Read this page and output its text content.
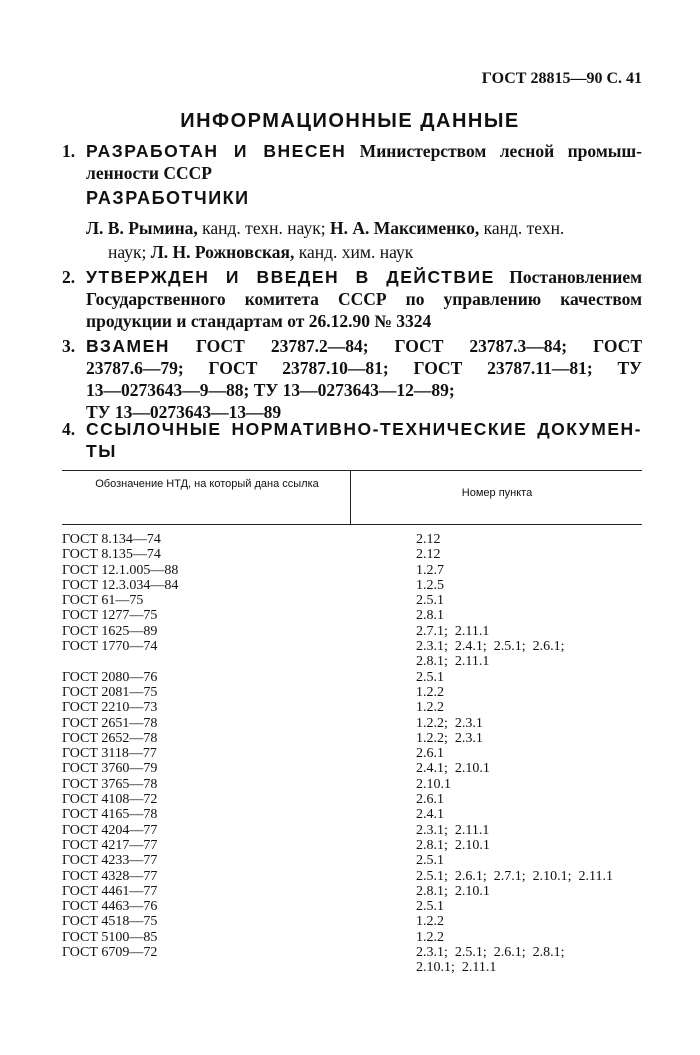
ГОСТ 28815—90 С. 41
ИНФОРМАЦИОННЫЕ ДАННЫЕ
1. РАЗРАБОТАН И ВНЕСЕН Министерством лесной промыш-
ленности СССР
РАЗРАБОТЧИКИ
Л. В. Рымина, канд. техн. наук; Н. А. Максименко, канд. техн.
наук; Л. Н. Рожновская, канд. хим. наук
2. УТВЕРЖДЕН И ВВЕДЕН В ДЕЙСТВИЕ Постановлением
Государственного комитета СССР по управлению качеством
продукции и стандартам от 26.12.90 № 3324
3. ВЗАМЕН ГОСТ 23787.2—84; ГОСТ 23787.3—84; ГОСТ
23787.6—79; ГОСТ 23787.10—81; ГОСТ 23787.11—81; ТУ
13—0273643—9—88; ТУ 13—0273643—12—89;
ТУ 13—0273643—13—89
4. ССЫЛОЧНЫЕ НОРМАТИВНО-ТЕХНИЧЕСКИЕ ДОКУМЕН-
ТЫ
Обозначение НТД, на который дана ссылка
Номер пункта
ГОСТ 8.134—74	2.12
ГОСТ 8.135—74	2.12
ГОСТ 12.1.005—88	1.2.7
ГОСТ 12.3.034—84	1.2.5
ГОСТ 61—75	2.5.1
ГОСТ 1277—75	2.8.1
ГОСТ 1625—89	2.7.1;  2.11.1
ГОСТ 1770—74	2.3.1;  2.4.1;  2.5.1;  2.6.1;
2.8.1;  2.11.1
ГОСТ 2080—76	2.5.1
ГОСТ 2081—75	1.2.2
ГОСТ 2210—73	1.2.2
ГОСТ 2651—78	1.2.2;  2.3.1
ГОСТ 2652—78	1.2.2;  2.3.1
ГОСТ 3118—77	2.6.1
ГОСТ 3760—79	2.4.1;  2.10.1
ГОСТ 3765—78	2.10.1
ГОСТ 4108—72	2.6.1
ГОСТ 4165—78	2.4.1
ГОСТ 4204—77	2.3.1;  2.11.1
ГОСТ 4217—77	2.8.1;  2.10.1
ГОСТ 4233—77	2.5.1
ГОСТ 4328—77	2.5.1;  2.6.1;  2.7.1;  2.10.1;  2.11.1
ГОСТ 4461—77	2.8.1;  2.10.1
ГОСТ 4463—76	2.5.1
ГОСТ 4518—75	1.2.2
ГОСТ 5100—85	1.2.2
ГОСТ 6709—72	2.3.1;  2.5.1;  2.6.1;  2.8.1;
2.10.1;  2.11.1
